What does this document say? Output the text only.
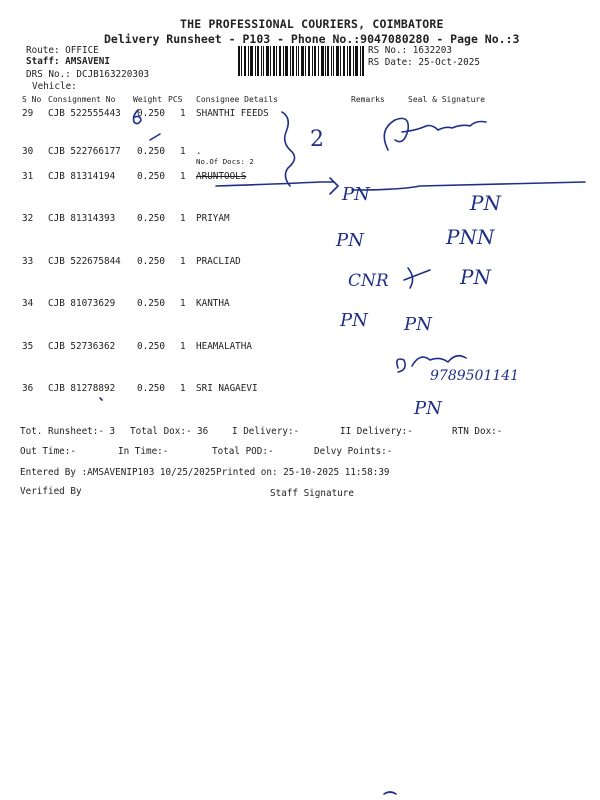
THE PROFESSIONAL COURIERS, COIMBATORE
Delivery Runsheet - P103 - Phone No.:9047080280 - Page No.:3
Route: OFFICE
Staff: AMSAVENI
DRS No.: DCJB163220303
Vehicle:
RS No.: 1632203
RS Date: 25-Oct-2025
S No Consignment No Weight PCS Consignee Details	Remarks	Seal & Signature
29 CJB 522555443 0.250 1 SHANTHI FEEDS
30 CJB 522766177 0.250 1 .
No.Of Docs: 2
31 CJB 81314194 0.250 1 ARUNTOOLS
32 CJB 81314393 0.250 1 PRIYAM
33 CJB 522675844 0.250 1 PRACLIAD
34 CJB 81073629 0.250 1 KANTHA
35 CJB 52736362 0.250 1 HEAMALATHA
36 CJB 81278892 0.250 1 SRI NAGAEVI
Tot. Runsheet:- 3 Total Dox:- 36	I Delivery:-	II Delivery:-	RTN Dox:-
Out Time:-	In Time:-	Total POD:-	Delvy Points:-
Entered By :AMSAVENIP103 10/25/2025 Printed on: 25-10-2025 11:58:39
Verified By	Staff Signature
2
PN	PN
PN	PNN
CNR	PN
PN PN
9789501141
PN
